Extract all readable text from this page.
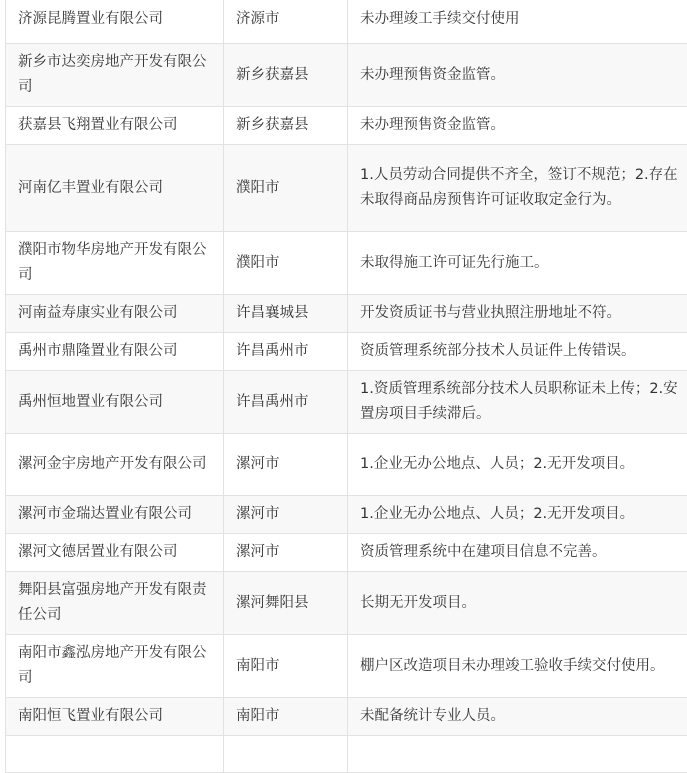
济源昆腾置业有限公司	济源市	未办理竣工手续交付使用
新乡市达奕房地产开发有限公司	新乡获嘉县	未办理预售资金监管。
获嘉县飞翔置业有限公司	新乡获嘉县	未办理预售资金监管。
河南亿丰置业有限公司	濮阳市	1.人员劳动合同提供不齐全，签订不规范；2.存在未取得商品房预售许可证收取定金行为。
濮阳市物华房地产开发有限公司	濮阳市	未取得施工许可证先行施工。
河南益寿康实业有限公司	许昌襄城县	开发资质证书与营业执照注册地址不符。
禹州市鼎隆置业有限公司	许昌禹州市	资质管理系统部分技术人员证件上传错误。
禹州恒地置业有限公司	许昌禹州市	1.资质管理系统部分技术人员职称证未上传；2.安置房项目手续滞后。
漯河金宇房地产开发有限公司	漯河市	1.企业无办公地点、人员；2.无开发项目。
漯河市金瑞达置业有限公司	漯河市	1.企业无办公地点、人员；2.无开发项目。
漯河文德居置业有限公司	漯河市	资质管理系统中在建项目信息不完善。
舞阳县富强房地产开发有限责任公司	漯河舞阳县	长期无开发项目。
南阳市鑫泓房地产开发有限公司	南阳市	棚户区改造项目未办理竣工验收手续交付使用。
南阳恒飞置业有限公司	南阳市	未配备统计专业人员。
